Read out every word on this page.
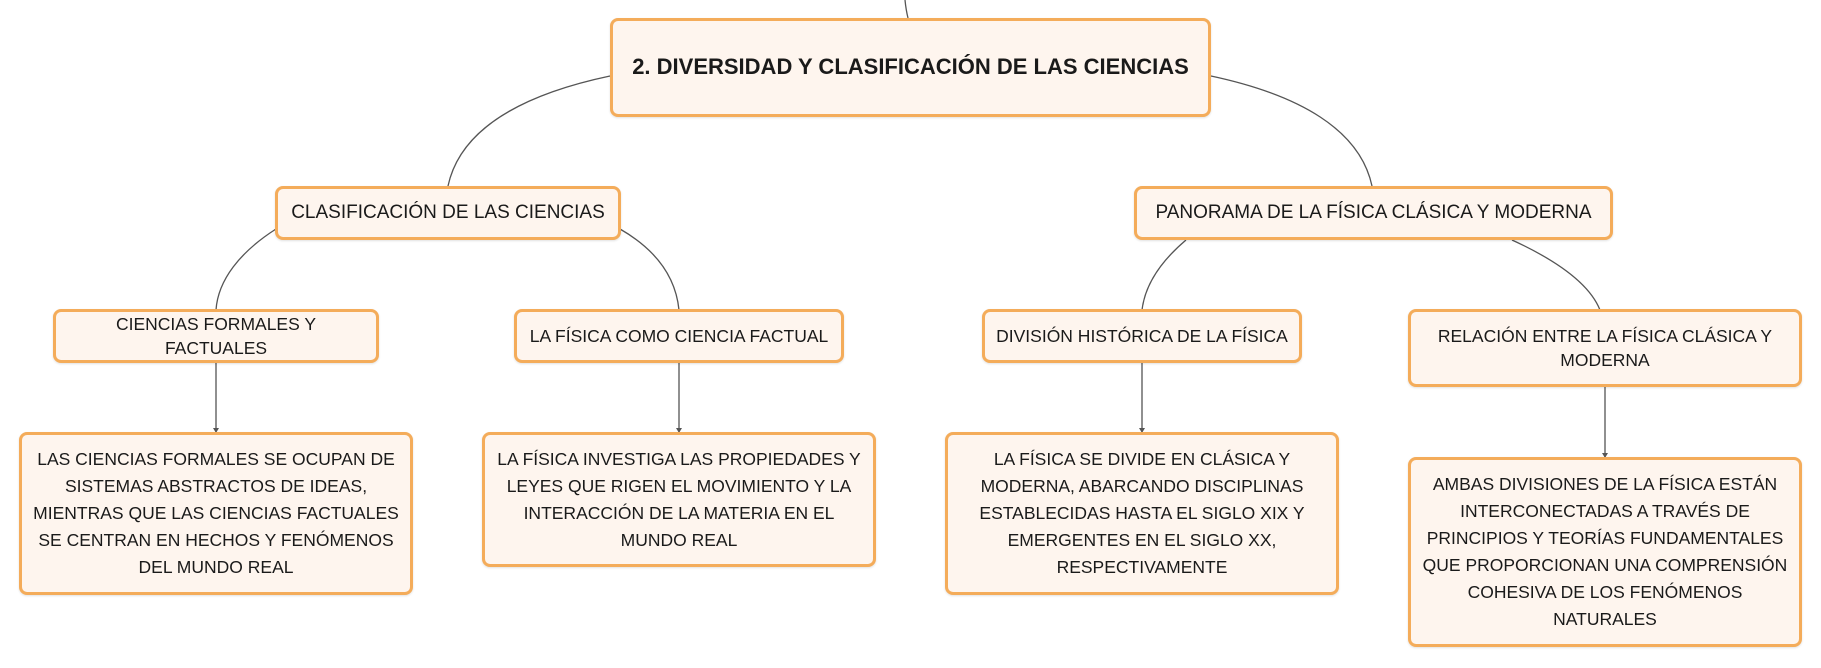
2. DIVERSIDAD Y CLASIFICACIÓN DE LAS CIENCIAS
CLASIFICACIÓN DE LAS CIENCIAS	PANORAMA DE LA FÍSICA CLÁSICA Y MODERNA
CIENCIAS FORMALES Y FACTUALES
LA FÍSICA COMO CIENCIA FACTUAL	DIVISIÓN HISTÓRICA DE LA FÍSICA	RELACIÓN ENTRE LA FÍSICA CLÁSICA Y MODERNA
LAS CIENCIAS FORMALES SE OCUPAN DE SISTEMAS ABSTRACTOS DE IDEAS, MIENTRAS QUE LAS CIENCIAS FACTUALES SE CENTRAN EN HECHOS Y FENÓMENOS DEL MUNDO REAL
LA FÍSICA INVESTIGA LAS PROPIEDADES Y LEYES QUE RIGEN EL MOVIMIENTO Y LA INTERACCIÓN DE LA MATERIA EN EL MUNDO REAL
LA FÍSICA SE DIVIDE EN CLÁSICA Y MODERNA, ABARCANDO DISCIPLINAS ESTABLECIDAS HASTA EL SIGLO XIX Y EMERGENTES EN EL SIGLO XX, RESPECTIVAMENTE
AMBAS DIVISIONES DE LA FÍSICA ESTÁN INTERCONECTADAS A TRAVÉS DE PRINCIPIOS Y TEORÍAS FUNDAMENTALES QUE PROPORCIONAN UNA COMPRENSIÓN COHESIVA DE LOS FENÓMENOS NATURALES
